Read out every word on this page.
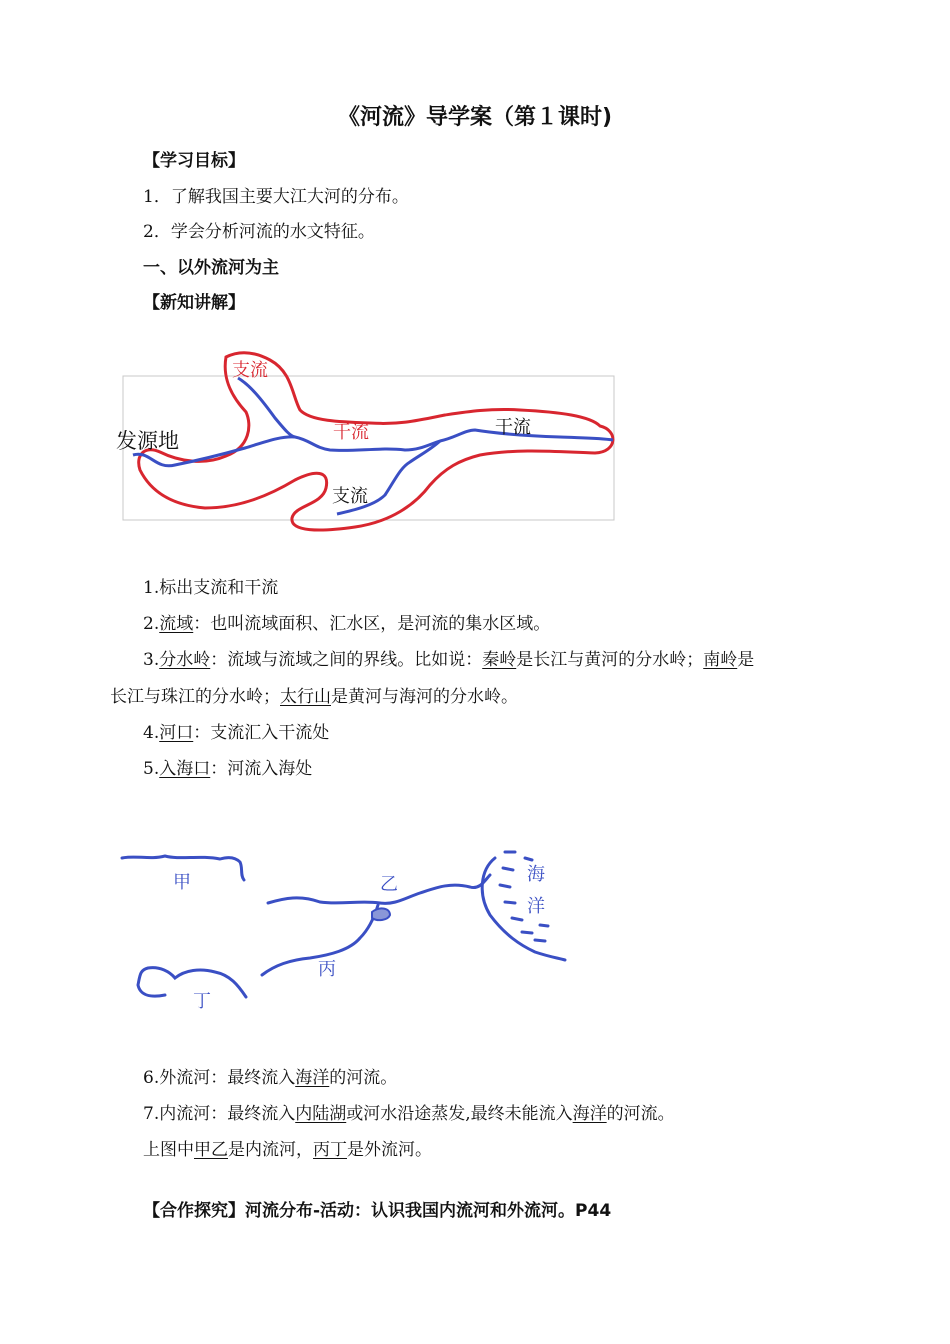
《河流》导学案（第１课时)
【学习目标】
1．了解我国主要大江大河的分布。
2．学会分析河流的水文特征。
一、以外流河为主
【新知讲解】
发源地
支流
干流	干流
支流
1.标出支流和干流
2.流域：也叫流域面积、汇水区，是河流的集水区域。
3.分水岭：流域与流域之间的界线。比如说：秦岭是长江与黄河的分水岭；南岭是
长江与珠江的分水岭；太行山是黄河与海河的分水岭。
4.河口：支流汇入干流处
5.入海口：河流入海处
甲	乙
丙
丁
海
洋
6.外流河：最终流入海洋的河流。
7.内流河：最终流入内陆湖或河水沿途蒸发,最终未能流入海洋的河流。
上图中甲乙是内流河，丙丁是外流河。
【合作探究】河流分布-活动：认识我国内流河和外流河。P44
